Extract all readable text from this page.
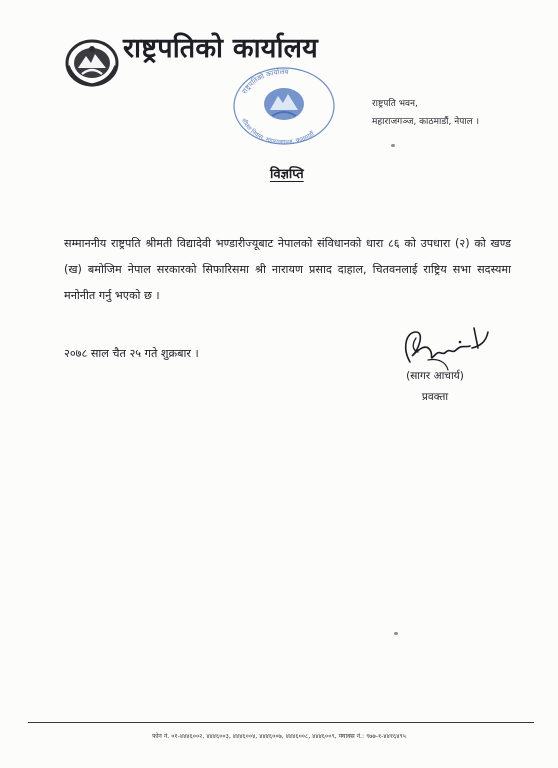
राष्ट्रपतिको कार्यालय
राष्ट्रपतिको कार्यालय
शीतल निवास, महाराजगञ्ज, काठमाडौं
राष्ट्रपति भवन,
महाराजगञ्ज, काठमाडौं, नेपाल ।
विज्ञप्ति
सम्माननीय राष्ट्रपति श्रीमती विद्यादेवी भण्डारीज्यूबाट नेपालको संविधानको धारा ८६ को उपधारा (२) को खण्ड (ख) बमोजिम नेपाल सरकारको सिफारिसमा श्री नारायण प्रसाद दाहाल, चितवनलाई राष्ट्रिय सभा सदस्यमा मनोनीत गर्नु भएको छ ।
२०७८ साल चैत २५ गते शुक्रबार ।
(सागर आचार्य)
प्रवक्ता
फोन नं. ०१-४४४६००२, ४४४६००३, ४४४६००४, ४४४६००७, ४४४६००८, ४४४६००९, फ्याक्स नं.: ९७७-१-४४१६४९५
